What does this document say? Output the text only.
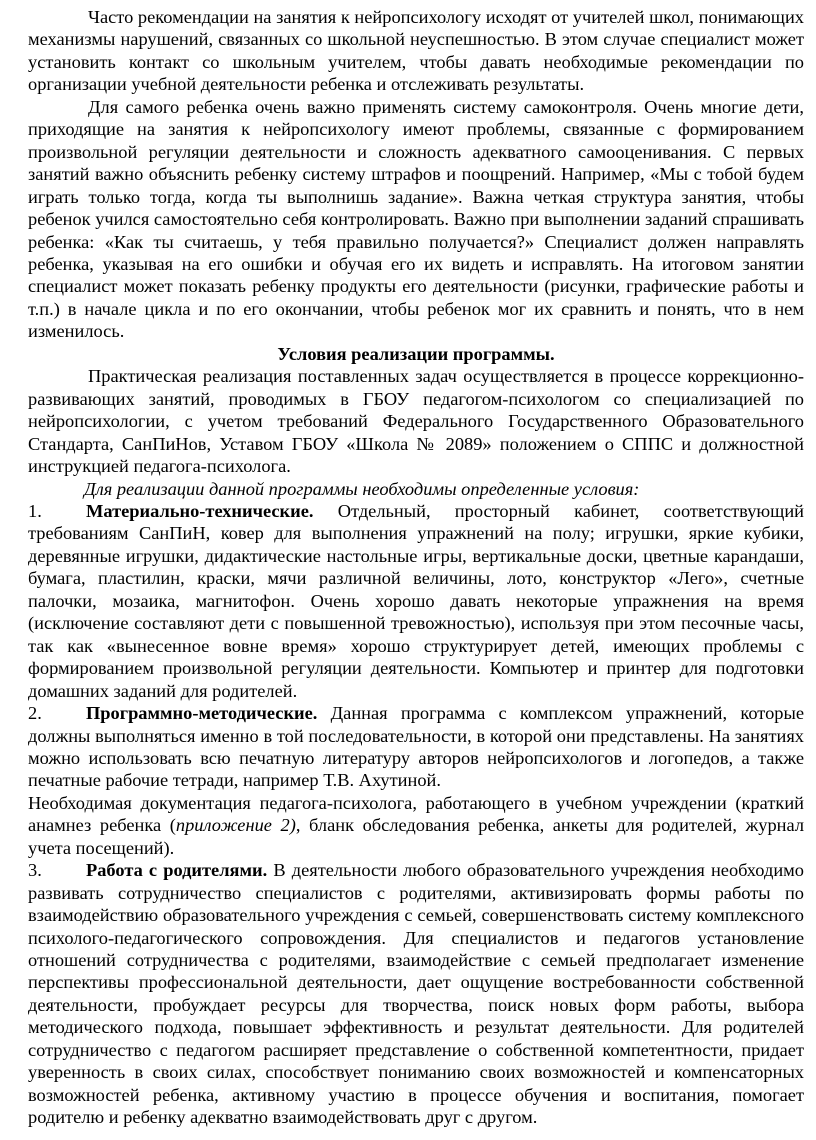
Часто рекомендации на занятия к нейропсихологу исходят от учителей школ, понимающих механизмы нарушений, связанных со школьной неуспешностью. В этом случае специалист может установить контакт со школьным учителем, чтобы давать необходимые рекомендации по организации учебной деятельности ребенка и отслеживать результаты.

Для самого ребенка очень важно применять систему самоконтроля. Очень многие дети, приходящие на занятия к нейропсихологу имеют проблемы, связанные с формированием произвольной регуляции деятельности и сложность адекватного самооценивания. С первых занятий важно объяснить ребенку систему штрафов и поощрений. Например, «Мы с тобой будем играть только тогда, когда ты выполнишь задание». Важна четкая структура занятия, чтобы ребенок учился самостоятельно себя контролировать. Важно при выполнении заданий спрашивать ребенка: «Как ты считаешь, у тебя правильно получается?» Специалист должен направлять ребенка, указывая на его ошибки и обучая его их видеть и исправлять. На итоговом занятии специалист может показать ребенку продукты его деятельности (рисунки, графические работы и т.п.) в начале цикла и по его окончании, чтобы ребенок мог их сравнить и понять, что в нем изменилось.

Условия реализации программы.

Практическая реализация поставленных задач осуществляется в процессе коррекционно-развивающих занятий, проводимых в ГБОУ педагогом-психологом со специализацией по нейропсихологии, с учетом требований Федерального Государственного Образовательного Стандарта, СанПиНов, Уставом ГБОУ «Школа № 2089» положением о СППС и должностной инструкцией педагога-психолога.

Для реализации данной программы необходимы определенные условия:

1. Материально-технические. Отдельный, просторный кабинет, соответствующий требованиям СанПиН, ковер для выполнения упражнений на полу; игрушки, яркие кубики, деревянные игрушки, дидактические настольные игры, вертикальные доски, цветные карандаши, бумага, пластилин, краски, мячи различной величины, лото, конструктор «Лего», счетные палочки, мозаика, магнитофон. Очень хорошо давать некоторые упражнения на время (исключение составляют дети с повышенной тревожностью), используя при этом песочные часы, так как «вынесенное вовне время» хорошо структурирует детей, имеющих проблемы с формированием произвольной регуляции деятельности. Компьютер и принтер для подготовки домашних заданий для родителей.

2. Программно-методические. Данная программа с комплексом упражнений, которые должны выполняться именно в той последовательности, в которой они представлены. На занятиях можно использовать всю печатную литературу авторов нейропсихологов и логопедов, а также печатные рабочие тетради, например Т.В. Ахутиной.

Необходимая документация педагога-психолога, работающего в учебном учреждении (краткий анамнез ребенка (приложение 2), бланк обследования ребенка, анкеты для родителей, журнал учета посещений).

3. Работа с родителями. В деятельности любого образовательного учреждения необходимо развивать сотрудничество специалистов с родителями, активизировать формы работы по взаимодействию образовательного учреждения с семьей, совершенствовать систему комплексного психолого-педагогического сопровождения. Для специалистов и педагогов установление отношений сотрудничества с родителями, взаимодействие с семьей предполагает изменение перспективы профессиональной деятельности, дает ощущение востребованности собственной деятельности, пробуждает ресурсы для творчества, поиск новых форм работы, выбора методического подхода, повышает эффективность и результат деятельности. Для родителей сотрудничество с педагогом расширяет представление о собственной компетентности, придает уверенность в своих силах, способствует пониманию своих возможностей и компенсаторных возможностей ребенка, активному участию в процессе обучения и воспитания, помогает родителю и ребенку адекватно взаимодействовать друг с другом.
